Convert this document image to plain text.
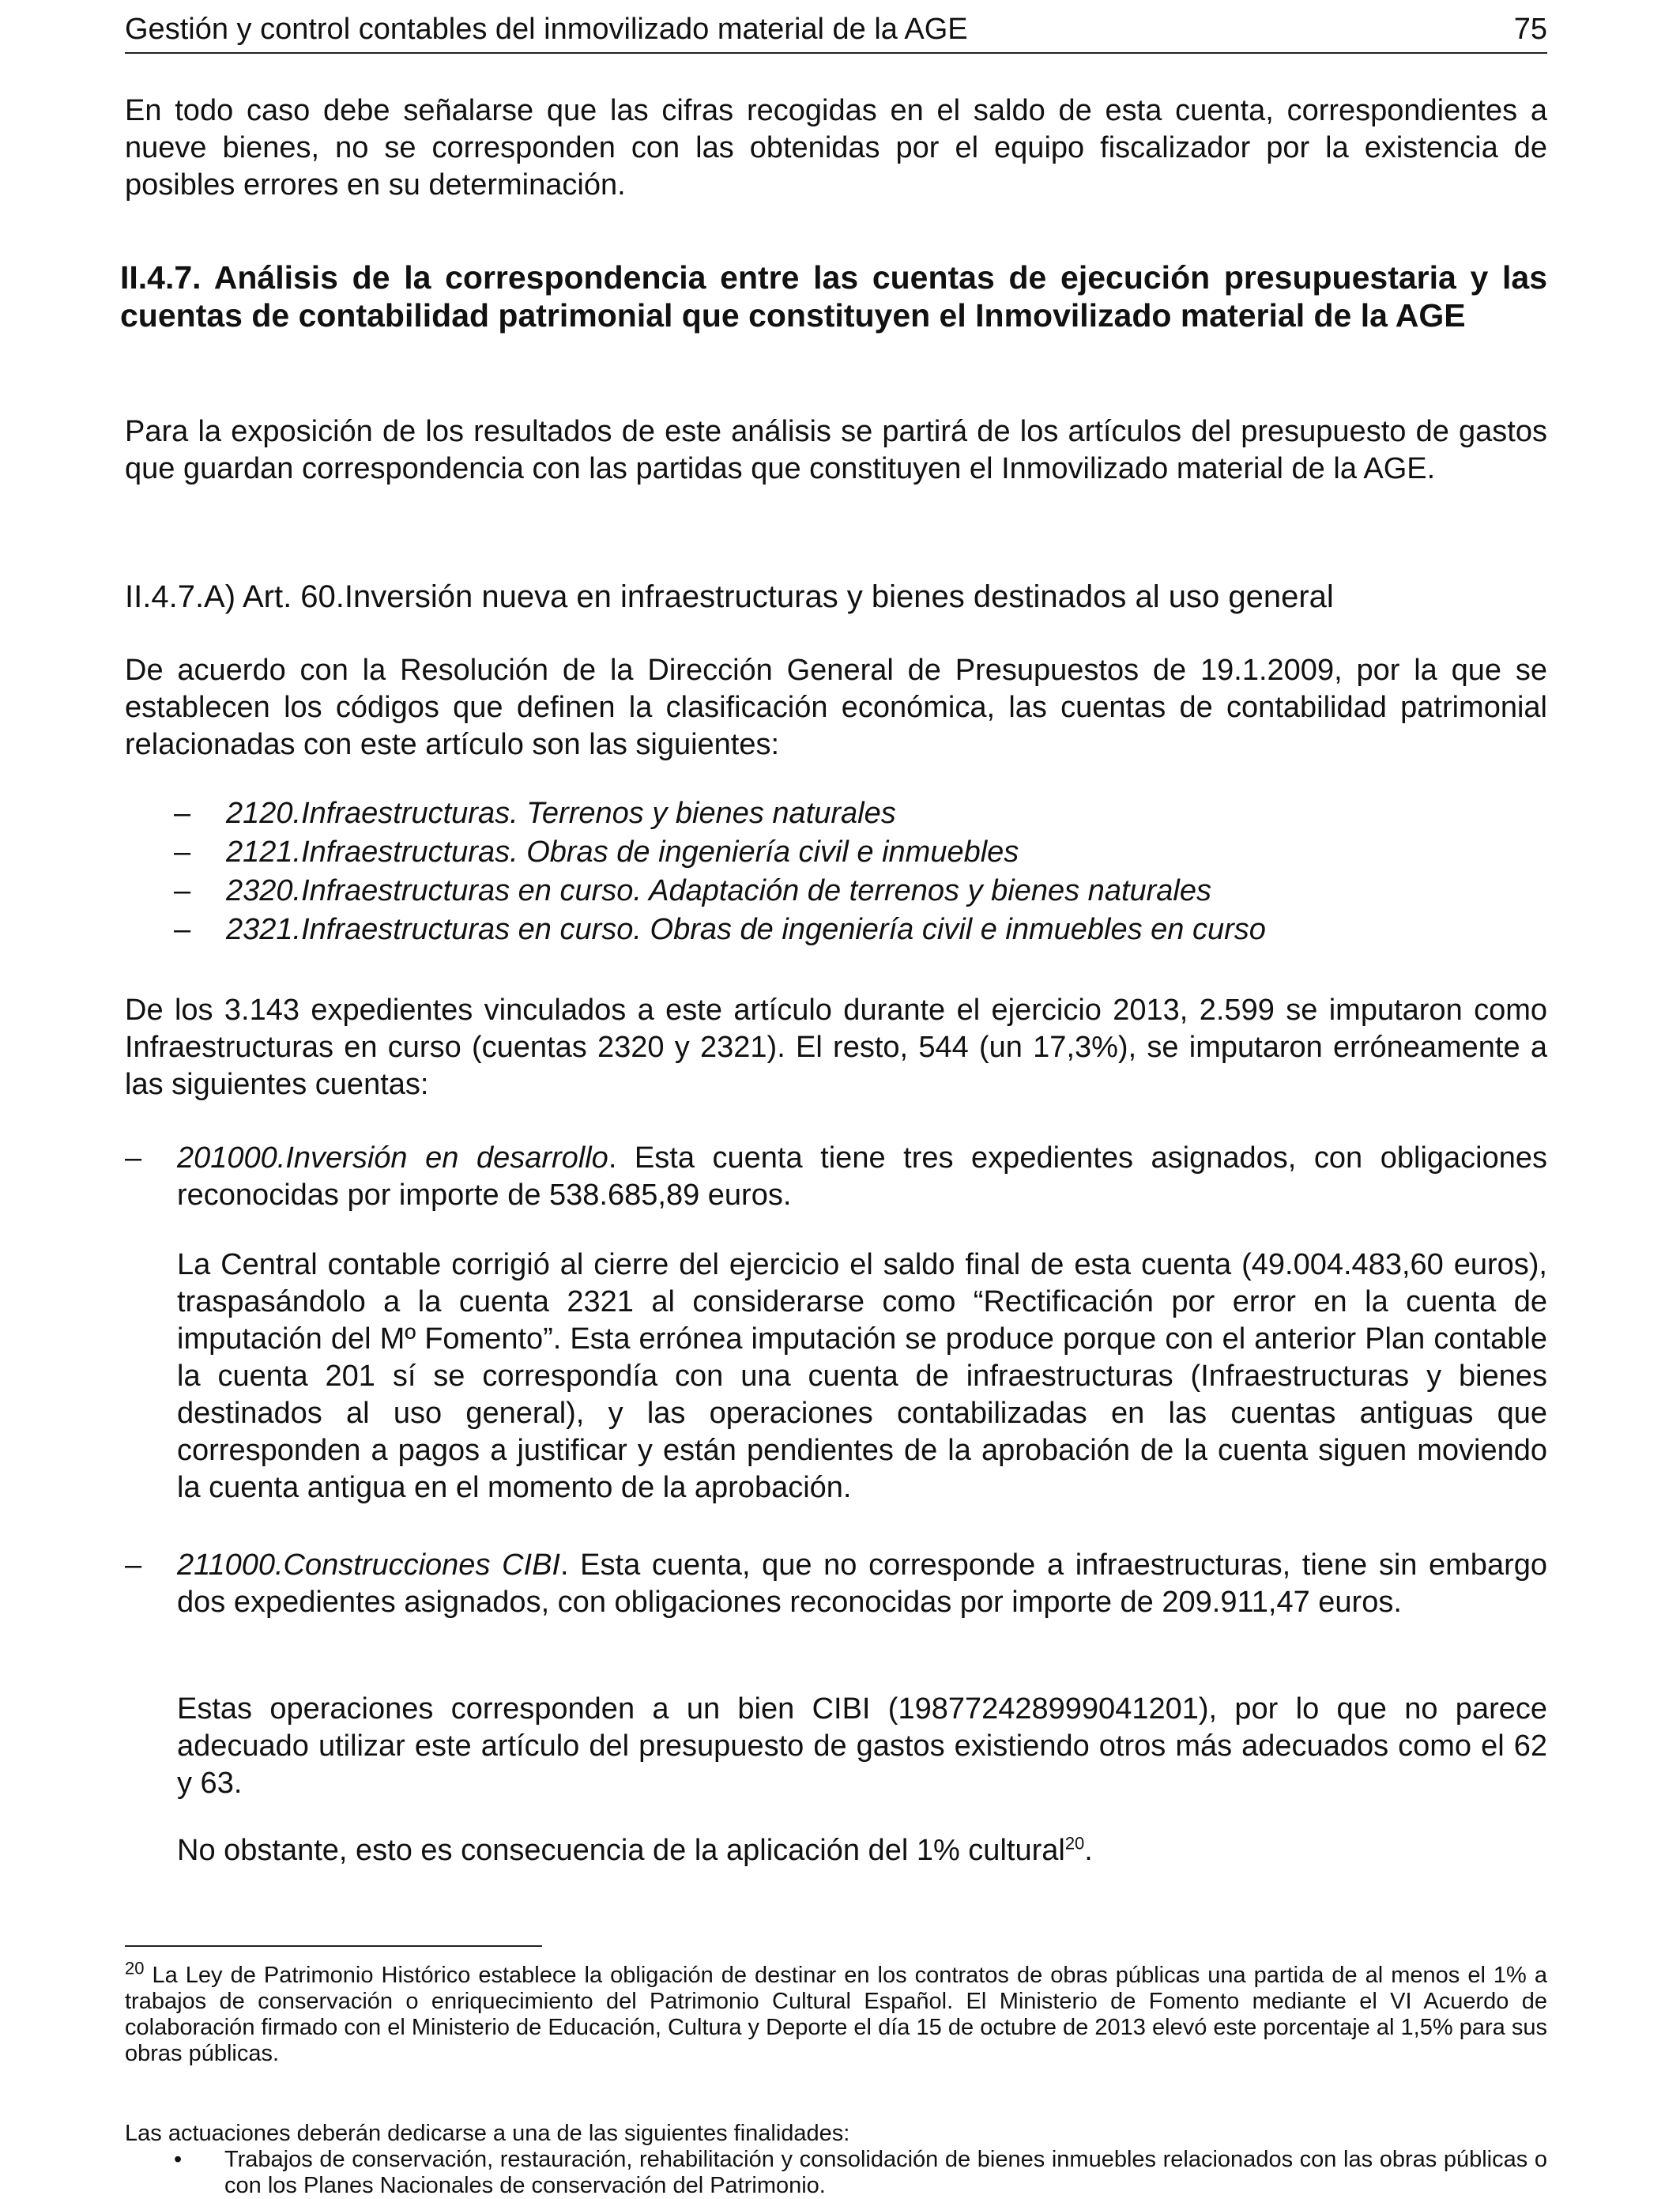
Gestión y control contables del inmovilizado material de la AGE	75

En todo caso debe señalarse que las cifras recogidas en el saldo de esta cuenta, correspondientes a nueve bienes, no se corresponden con las obtenidas por el equipo fiscalizador por la existencia de posibles errores en su determinación.

II.4.7. Análisis de la correspondencia entre las cuentas de ejecución presupuestaria y las cuentas de contabilidad patrimonial que constituyen el Inmovilizado material de la AGE

Para la exposición de los resultados de este análisis se partirá de los artículos del presupuesto de gastos que guardan correspondencia con las partidas que constituyen el Inmovilizado material de la AGE.

II.4.7.A) Art. 60.Inversión nueva en infraestructuras y bienes destinados al uso general

De acuerdo con la Resolución de la Dirección General de Presupuestos de 19.1.2009, por la que se establecen los códigos que definen la clasificación económica, las cuentas de contabilidad patrimonial relacionadas con este artículo son las siguientes:

– 2120.Infraestructuras. Terrenos y bienes naturales
– 2121.Infraestructuras. Obras de ingeniería civil e inmuebles
– 2320.Infraestructuras en curso. Adaptación de terrenos y bienes naturales
– 2321.Infraestructuras en curso. Obras de ingeniería civil e inmuebles en curso

De los 3.143 expedientes vinculados a este artículo durante el ejercicio 2013, 2.599 se imputaron como Infraestructuras en curso (cuentas 2320 y 2321). El resto, 544 (un 17,3%), se imputaron erróneamente a las siguientes cuentas:

– 201000.Inversión en desarrollo. Esta cuenta tiene tres expedientes asignados, con obligaciones reconocidas por importe de 538.685,89 euros.

La Central contable corrigió al cierre del ejercicio el saldo final de esta cuenta (49.004.483,60 euros), traspasándolo a la cuenta 2321 al considerarse como “Rectificación por error en la cuenta de imputación del Mº Fomento”. Esta errónea imputación se produce porque con el anterior Plan contable la cuenta 201 sí se correspondía con una cuenta de infraestructuras (Infraestructuras y bienes destinados al uso general), y las operaciones contabilizadas en las cuentas antiguas que corresponden a pagos a justificar y están pendientes de la aprobación de la cuenta siguen moviendo la cuenta antigua en el momento de la aprobación.

– 211000.Construcciones CIBI. Esta cuenta, que no corresponde a infraestructuras, tiene sin embargo dos expedientes asignados, con obligaciones reconocidas por importe de 209.911,47 euros.

Estas operaciones corresponden a un bien CIBI (198772428999041201), por lo que no parece adecuado utilizar este artículo del presupuesto de gastos existiendo otros más adecuados como el 62 y 63.

No obstante, esto es consecuencia de la aplicación del 1% cultural$^{20}$.

$^{20}$ La Ley de Patrimonio Histórico establece la obligación de destinar en los contratos de obras públicas una partida de al menos el 1% a trabajos de conservación o enriquecimiento del Patrimonio Cultural Español. El Ministerio de Fomento mediante el VI Acuerdo de colaboración firmado con el Ministerio de Educación, Cultura y Deporte el día 15 de octubre de 2013 elevó este porcentaje al 1,5% para sus obras públicas.

Las actuaciones deberán dedicarse a una de las siguientes finalidades:

• Trabajos de conservación, restauración, rehabilitación y consolidación de bienes inmuebles relacionados con las obras públicas o con los Planes Nacionales de conservación del Patrimonio.
